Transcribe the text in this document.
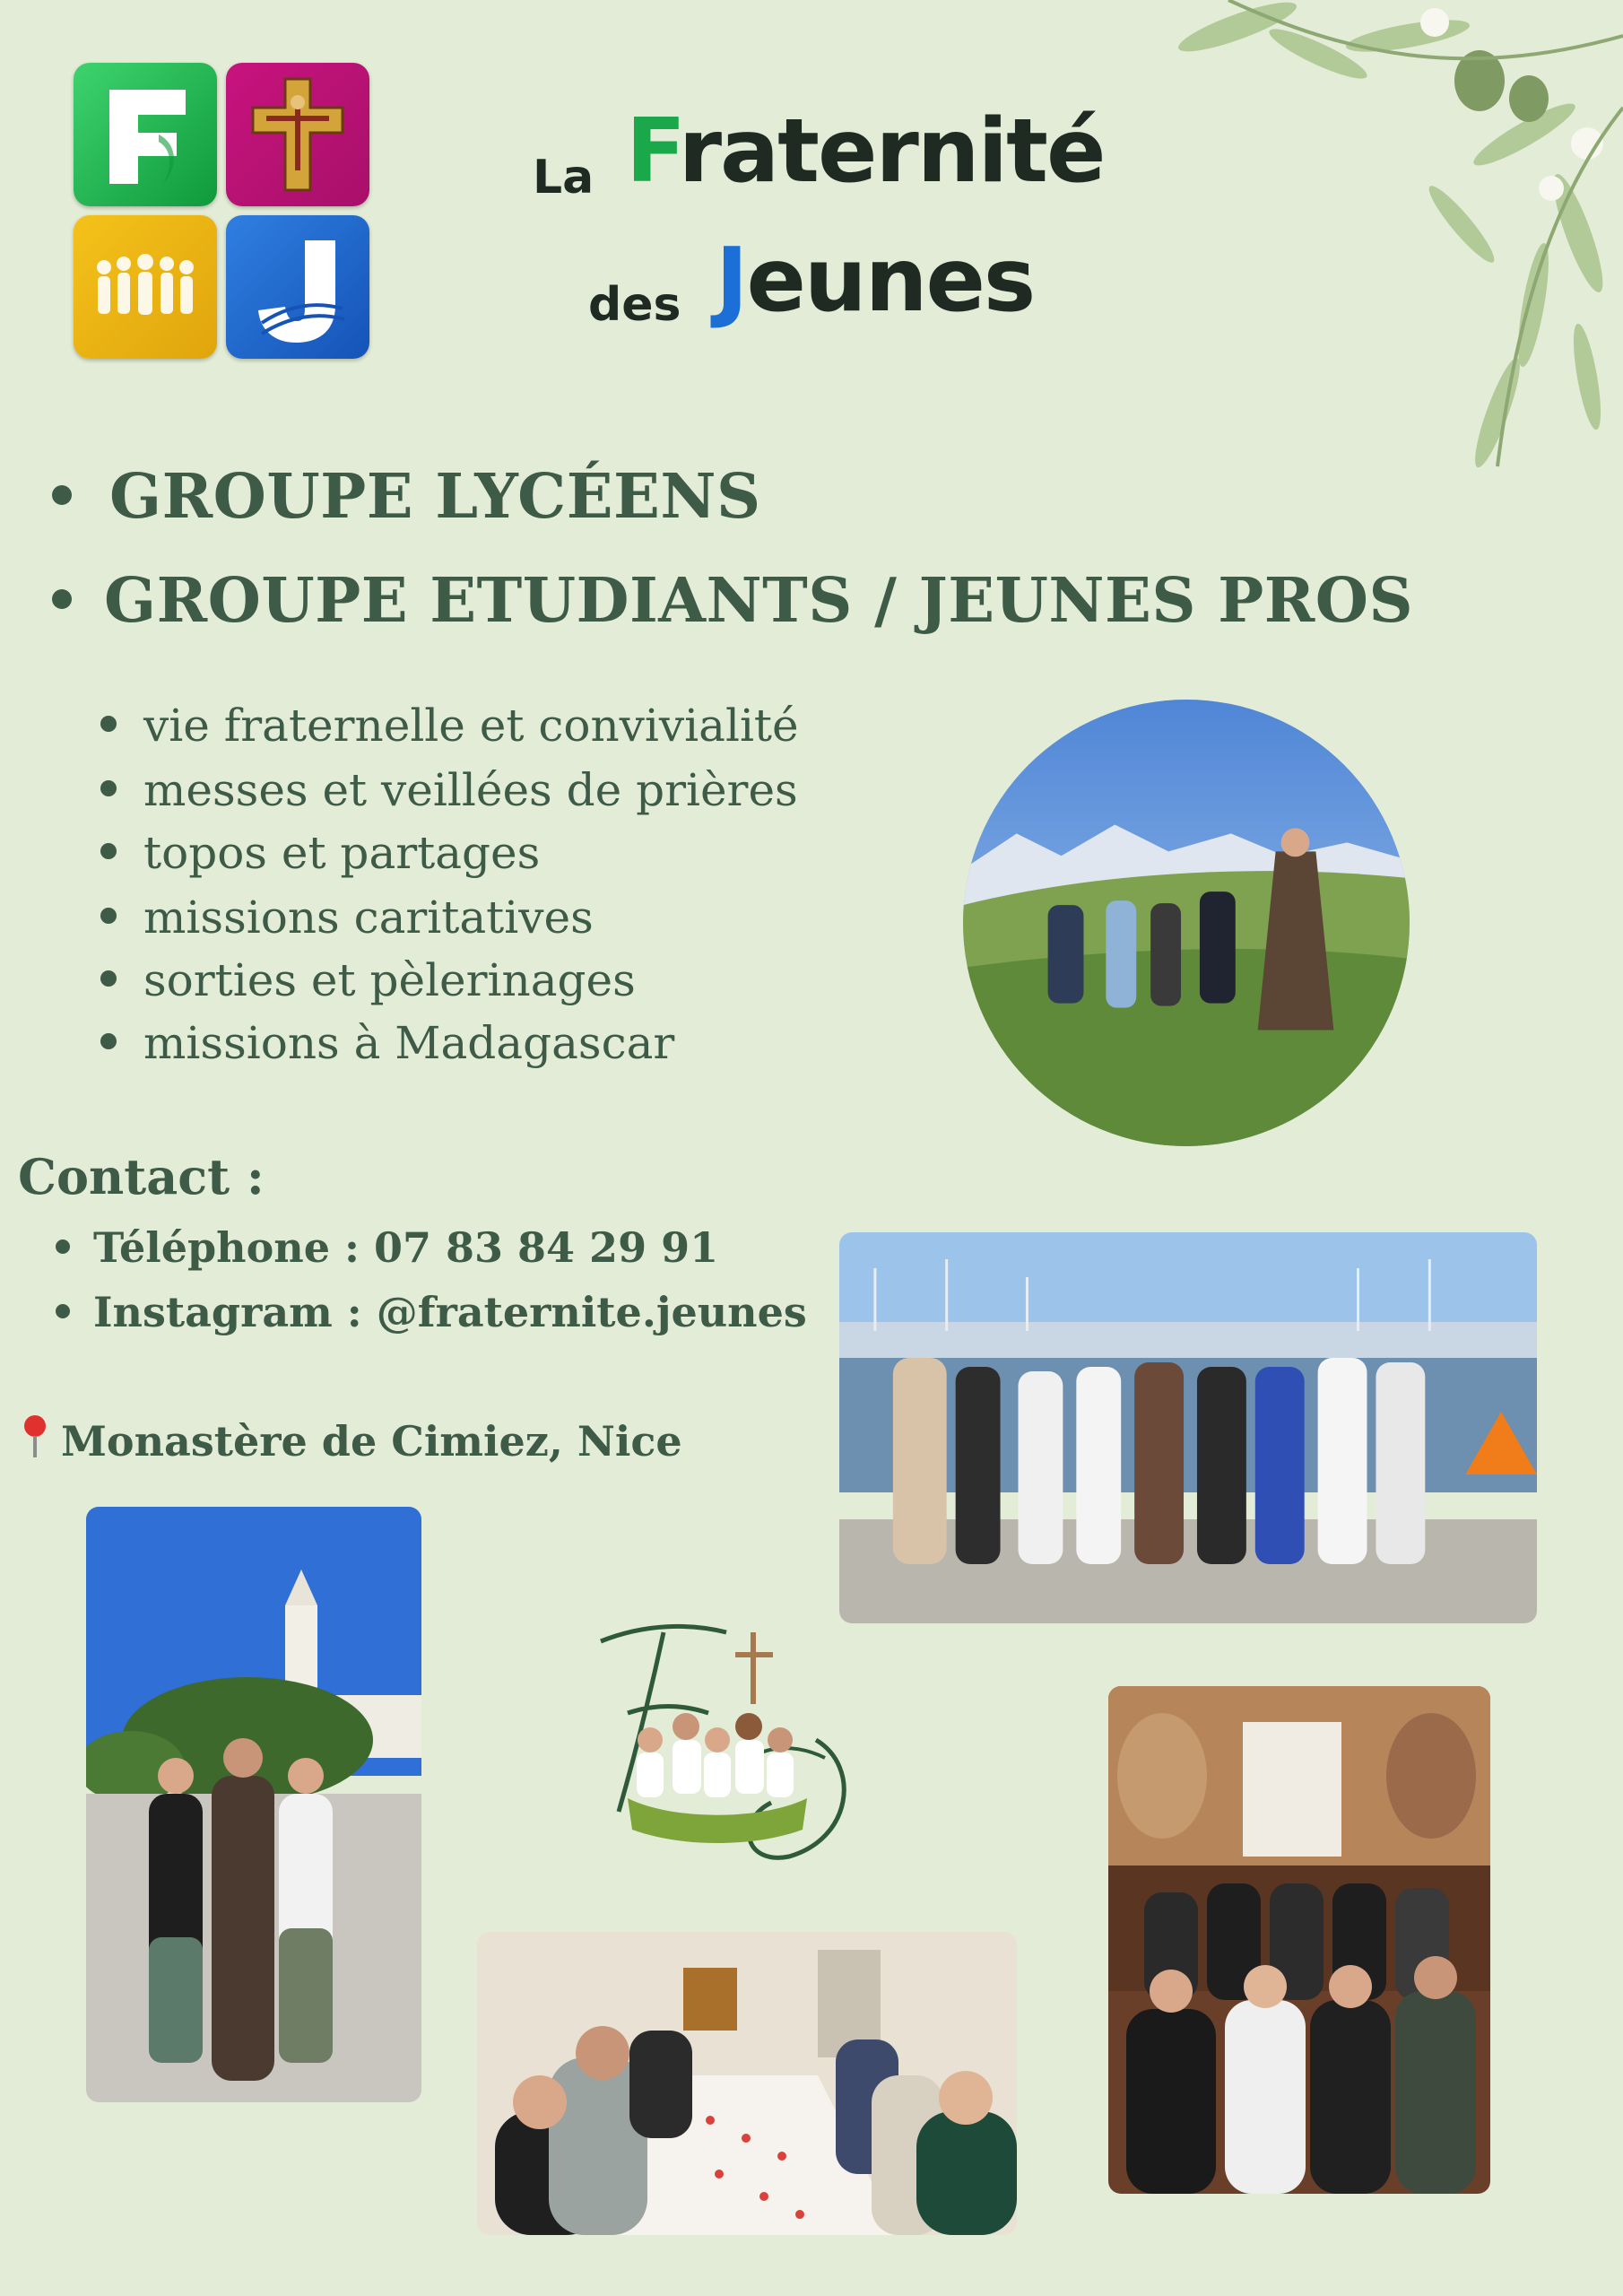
La Fraternité
des Jeunes
GROUPE LYCÉENS
GROUPE ETUDIANTS / JEUNES PROS
vie fraternelle et convivialité
messes et veillées de prières
topos et partages
missions caritatives
sorties et pèlerinages
missions à Madagascar
Contact :
Téléphone : 07 83 84 29 91
Instagram : @fraternite.jeunes
Monastère de Cimiez, Nice
